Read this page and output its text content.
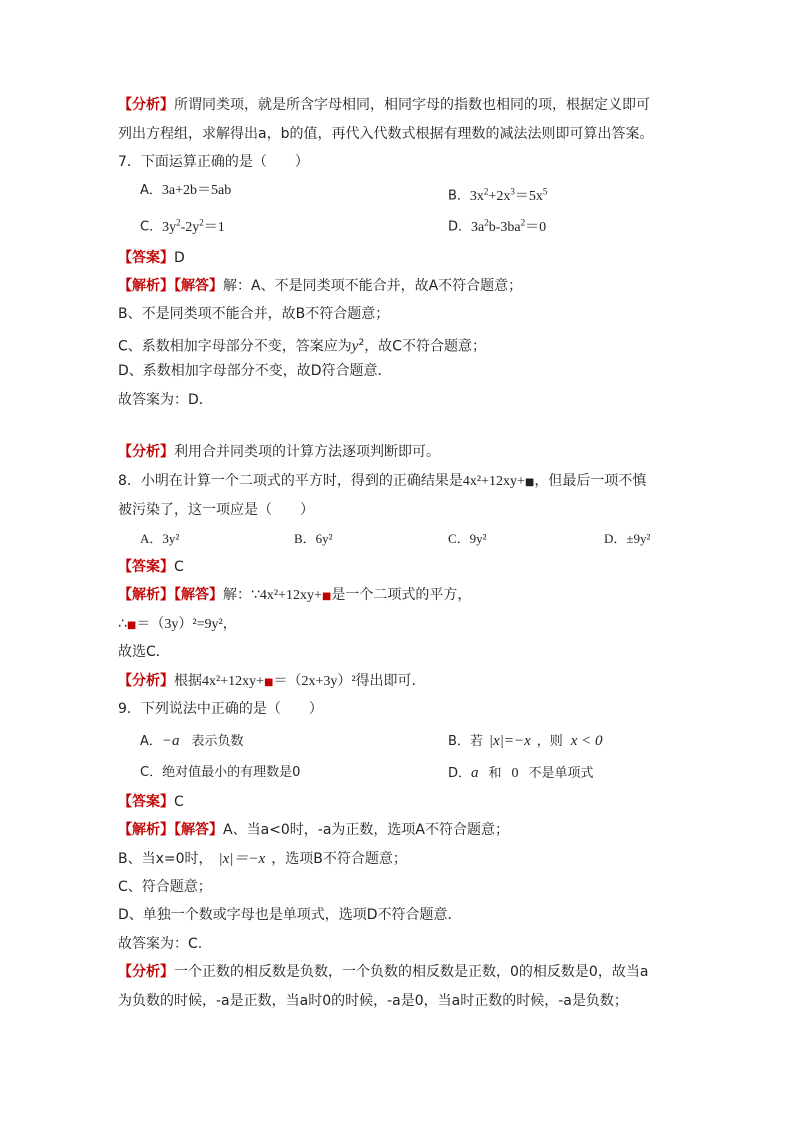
【分析】所谓同类项，就是所含字母相同，相同字母的指数也相同的项，根据定义即可
列出方程组，求解得出a，b的值，再代入代数式根据有理数的减法法则即可算出答案。
7．下面运算正确的是（　　）
A．3a+2b＝5ab	B．$3x^2+2x^3=5x^5$
C．$3y^2-2y^2=1$	D．$3a^2b-3ba^2=0$
【答案】D
【解析】【解答】解：A、不是同类项不能合并，故A不符合题意；
B、不是同类项不能合并，故B不符合题意；
C、系数相加字母部分不变，答案应为$y^2$，故C不符合题意；
D、系数相加字母部分不变，故D符合题意．
故答案为：D．
【分析】利用合并同类项的计算方法逐项判断即可。
8．小明在计算一个二项式的平方时，得到的正确结果是4x²+12xy+■，但最后一项不慎
被污染了，这一项应是（　　）
A．3y²	B．6y²	C．9y²	D．±9y²
【答案】C
【解析】【解答】解：∵4x²+12xy+■是一个二项式的平方，
∴■＝（3y）²=9y²，
故选C．
【分析】根据4x²+12xy+■＝（2x+3y）²得出即可．
9．下列说法中正确的是（　　）
A．−a 表示负数	B．若 |x|=−x ，则 x < 0
C．绝对值最小的有理数是0	D．a 和 0 不是单项式
【答案】C
【解析】【解答】A、当a<0时，-a为正数，选项A不符合题意；
B、当x=0时， |x|＝−x ，选项B不符合题意；
C、符合题意；
D、单独一个数或字母也是单项式，选项D不符合题意．
故答案为：C.
【分析】一个正数的相反数是负数，一个负数的相反数是正数，0的相反数是0，故当a
为负数的时候，-a是正数，当a时0的时候，-a是0，当a时正数的时候，-a是负数；
